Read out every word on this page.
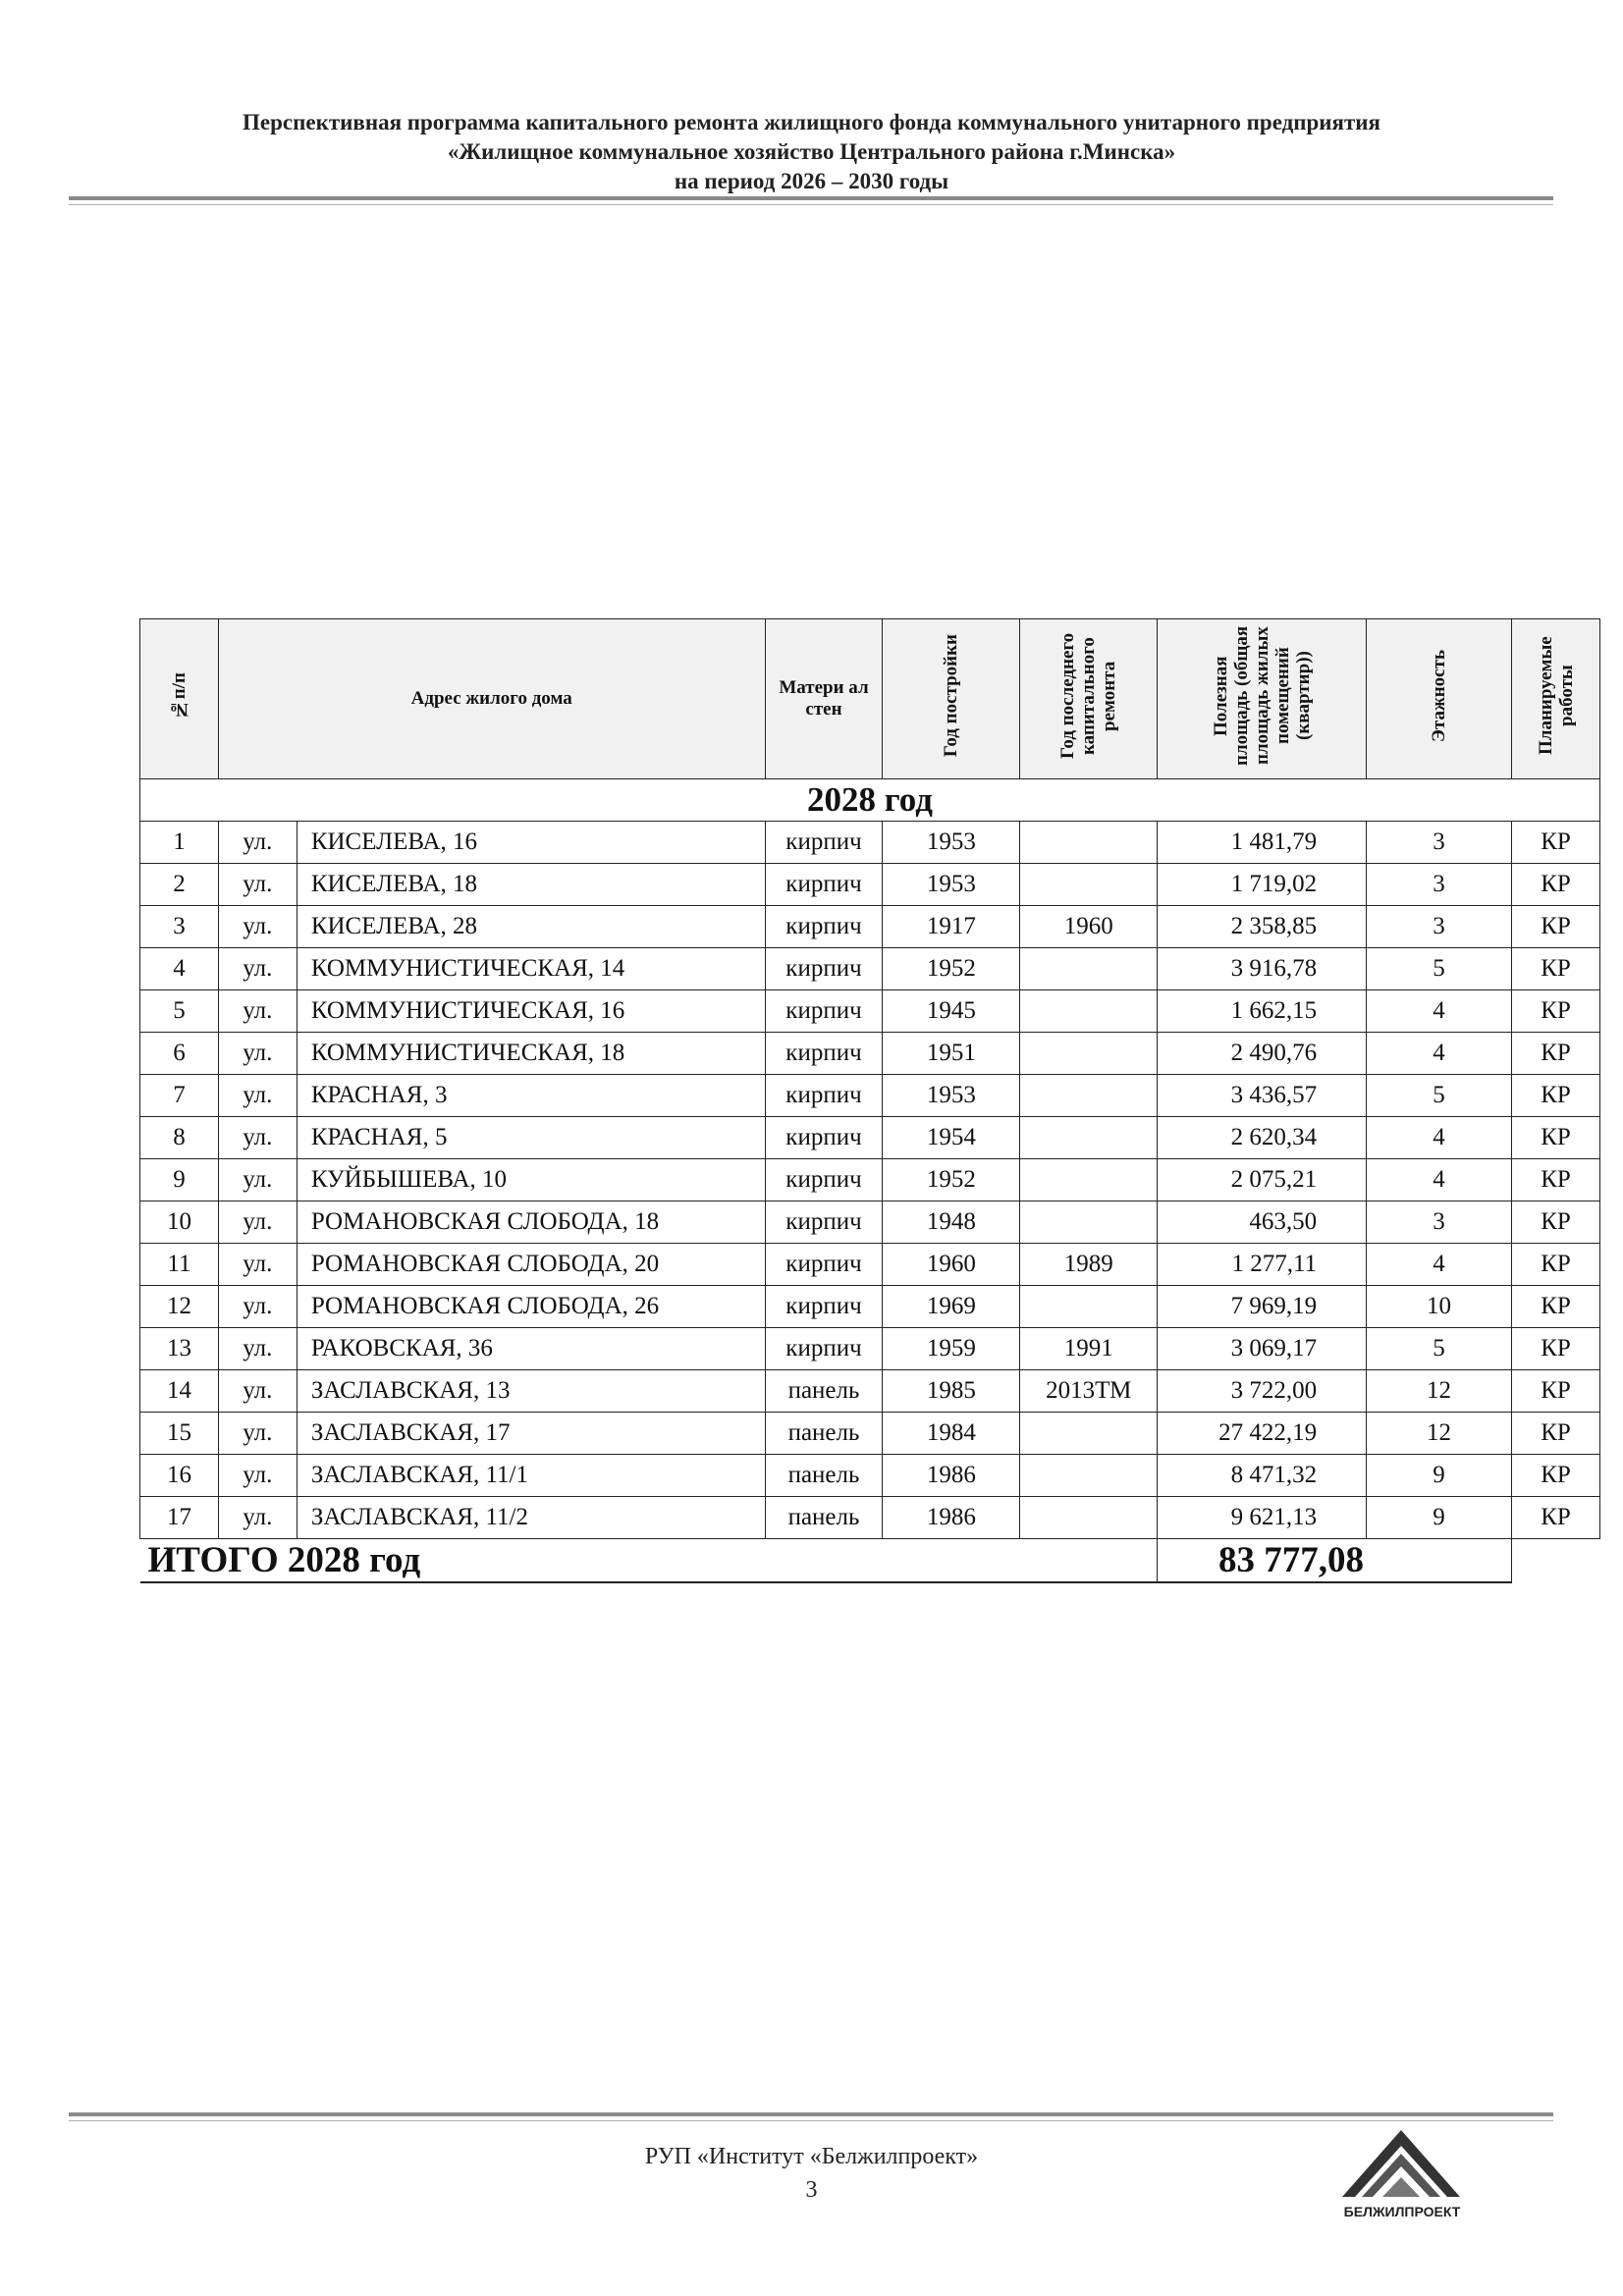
Перспективная программа капитального ремонта жилищного фонда коммунального унитарного предприятия
«Жилищное коммунальное хозяйство Центрального района г.Минска»
на период 2026 – 2030 годы
№п/п	Адрес жилого дома		Матери ал стен	Год постройки	Год последнего капитального ремонта	Полезная площадь (общая площадь жилых помещений (квартир))	Этажность	Планируемые работы
2028 год								
1	ул.	КИСЕЛЕВА, 16	кирпич	1953		1 481,79	3	КР
2	ул.	КИСЕЛЕВА, 18	кирпич	1953		1 719,02	3	КР
3	ул.	КИСЕЛЕВА, 28	кирпич	1917	1960	2 358,85	3	КР
4	ул.	КОММУНИСТИЧЕСКАЯ, 14	кирпич	1952		3 916,78	5	КР
5	ул.	КОММУНИСТИЧЕСКАЯ, 16	кирпич	1945		1 662,15	4	КР
6	ул.	КОММУНИСТИЧЕСКАЯ, 18	кирпич	1951		2 490,76	4	КР
7	ул.	КРАСНАЯ, 3	кирпич	1953		3 436,57	5	КР
8	ул.	КРАСНАЯ, 5	кирпич	1954		2 620,34	4	КР
9	ул.	КУЙБЫШЕВА, 10	кирпич	1952		2 075,21	4	КР
10	ул.	РОМАНОВСКАЯ СЛОБОДА, 18	кирпич	1948		463,50	3	КР
11	ул.	РОМАНОВСКАЯ СЛОБОДА, 20	кирпич	1960	1989	1 277,11	4	КР
12	ул.	РОМАНОВСКАЯ СЛОБОДА, 26	кирпич	1969		7 969,19	10	КР
13	ул.	РАКОВСКАЯ, 36	кирпич	1959	1991	3 069,17	5	КР
14	ул.	ЗАСЛАВСКАЯ, 13	панель	1985	2013ТМ	3 722,00	12	КР
15	ул.	ЗАСЛАВСКАЯ, 17	панель	1984		27 422,19	12	КР
16	ул.	ЗАСЛАВСКАЯ, 11/1	панель	1986		8 471,32	9	КР
17	ул.	ЗАСЛАВСКАЯ, 11/2	панель	1986		9 621,13	9	КР
ИТОГО 2028 год						83 777,08		
РУП «Институт «Белжилпроект»
3
БЕЛЖИЛПРОЕКТ
